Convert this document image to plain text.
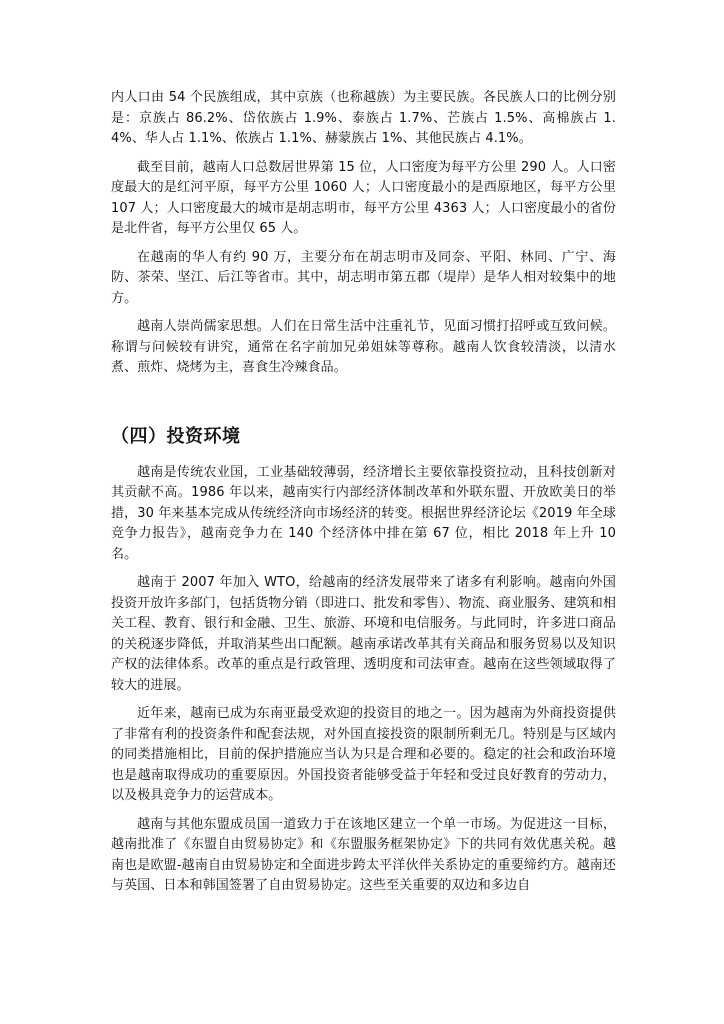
内人口由 54 个民族组成，其中京族（也称越族）为主要民族。各民族人口的比例分别是：京族占 86.2%、岱依族占 1.9%、泰族占 1.7%、芒族占 1.5%、高棉族占 1.4%、华人占 1.1%、侬族占 1.1%、赫蒙族占 1%、其他民族占 4.1%。

截至目前，越南人口总数居世界第 15 位，人口密度为每平方公里 290 人。人口密度最大的是红河平原，每平方公里 1060 人；人口密度最小的是西原地区，每平方公里 107 人；人口密度最大的城市是胡志明市，每平方公里 4363 人；人口密度最小的省份是北件省，每平方公里仅 65 人。

在越南的华人有约 90 万，主要分布在胡志明市及同奈、平阳、林同、广宁、海防、茶荣、坚江、后江等省市。其中，胡志明市第五郡（堤岸）是华人相对较集中的地方。

越南人崇尚儒家思想。人们在日常生活中注重礼节，见面习惯打招呼或互致问候。称谓与问候较有讲究，通常在名字前加兄弟姐妹等尊称。越南人饮食较清淡，以清水煮、煎炸、烧烤为主，喜食生冷辣食品。

（四）投资环境

越南是传统农业国，工业基础较薄弱，经济增长主要依靠投资拉动，且科技创新对其贡献不高。1986 年以来，越南实行内部经济体制改革和外联东盟、开放欧美日的举措，30 年来基本完成从传统经济向市场经济的转变。根据世界经济论坛《2019 年全球竞争力报告》，越南竞争力在 140 个经济体中排在第 67 位，相比 2018 年上升 10 名。

越南于 2007 年加入 WTO，给越南的经济发展带来了诸多有利影响。越南向外国投资开放许多部门，包括货物分销（即进口、批发和零售）、物流、商业服务、建筑和相关工程、教育、银行和金融、卫生、旅游、环境和电信服务。与此同时，许多进口商品的关税逐步降低，并取消某些出口配额。越南承诺改革其有关商品和服务贸易以及知识产权的法律体系。改革的重点是行政管理、透明度和司法审查。越南在这些领域取得了较大的进展。

近年来，越南已成为东南亚最受欢迎的投资目的地之一。因为越南为外商投资提供了非常有利的投资条件和配套法规，对外国直接投资的限制所剩无几。特别是与区域内的同类措施相比，目前的保护措施应当认为只是合理和必要的。稳定的社会和政治环境也是越南取得成功的重要原因。外国投资者能够受益于年轻和受过良好教育的劳动力，以及极具竞争力的运营成本。

越南与其他东盟成员国一道致力于在该地区建立一个单一市场。为促进这一目标，越南批准了《东盟自由贸易协定》和《东盟服务框架协定》下的共同有效优惠关税。越南也是欧盟-越南自由贸易协定和全面进步跨太平洋伙伴关系协定的重要缔约方。越南还与英国、日本和韩国签署了自由贸易协定。这些至关重要的双边和多边自
